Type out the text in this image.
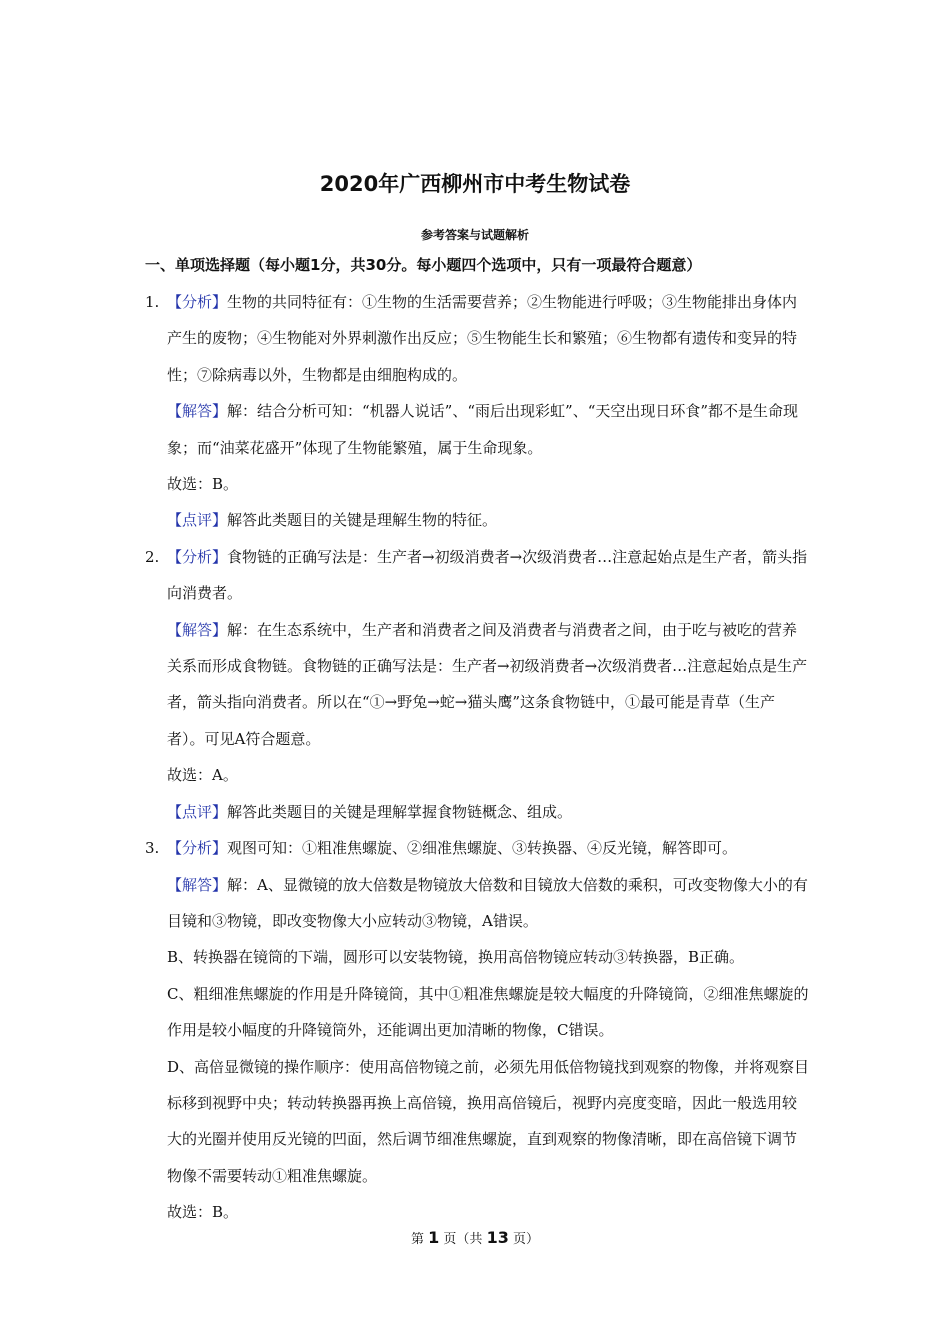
2020年广西柳州市中考生物试卷
参考答案与试题解析
一、单项选择题（每小题1分，共30分。每小题四个选项中，只有一项最符合题意）
1. 【分析】生物的共同特征有：①生物的生活需要营养；②生物能进行呼吸；③生物能排出身体内产生的废物；④生物能对外界刺激作出反应；⑤生物能生长和繁殖；⑥生物都有遗传和变异的特性；⑦除病毒以外，生物都是由细胞构成的。
【解答】解：结合分析可知：“机器人说话”、“雨后出现彩虹”、“天空出现日环食”都不是生命现象；而“油菜花盛开”体现了生物能繁殖，属于生命现象。
故选：B。
【点评】解答此类题目的关键是理解生物的特征。
2. 【分析】食物链的正确写法是：生产者→初级消费者→次级消费者…注意起始点是生产者，箭头指向消费者。
【解答】解：在生态系统中，生产者和消费者之间及消费者与消费者之间，由于吃与被吃的营养关系而形成食物链。食物链的正确写法是：生产者→初级消费者→次级消费者…注意起始点是生产者，箭头指向消费者。所以在“①→野兔→蛇→猫头鹰”这条食物链中，①最可能是青草（生产者）。可见A符合题意。
故选：A。
【点评】解答此类题目的关键是理解掌握食物链概念、组成。
3. 【分析】观图可知：①粗准焦螺旋、②细准焦螺旋、③转换器、④反光镜，解答即可。
【解答】解：A、显微镜的放大倍数是物镜放大倍数和目镜放大倍数的乘积，可改变物像大小的有目镜和③物镜，即改变物像大小应转动③物镜，A错误。
B、转换器在镜筒的下端，圆形可以安装物镜，换用高倍物镜应转动③转换器，B正确。
C、粗细准焦螺旋的作用是升降镜筒，其中①粗准焦螺旋是较大幅度的升降镜筒，②细准焦螺旋的作用是较小幅度的升降镜筒外，还能调出更加清晰的物像，C错误。
D、高倍显微镜的操作顺序：使用高倍物镜之前，必须先用低倍物镜找到观察的物像，并将观察目标移到视野中央；转动转换器再换上高倍镜，换用高倍镜后，视野内亮度变暗，因此一般选用较大的光圈并使用反光镜的凹面，然后调节细准焦螺旋，直到观察的物像清晰，即在高倍镜下调节物像不需要转动①粗准焦螺旋。
故选：B。
第 1 页（共 13 页）
